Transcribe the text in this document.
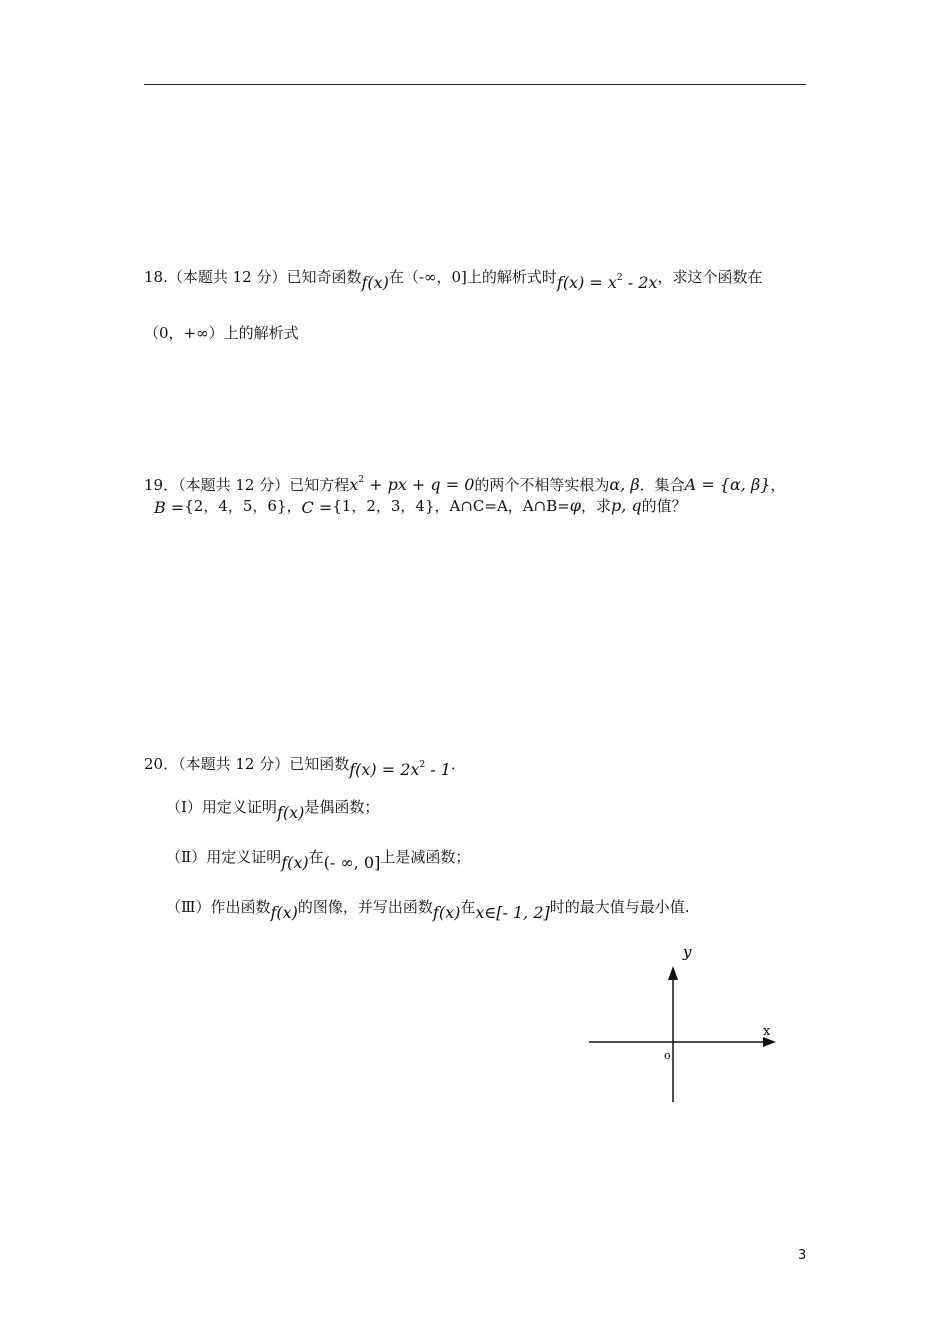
18.（本题共 12 分）已知奇函数f(x)在（-∞，0]上的解析式时$f(x) = x^2 - 2x$，求这个函数在
（0，+∞）上的解析式
19．（本题共 12 分）已知方程$x^2$ + px + q = 0的两个不相等实根为α, β．集合A = {α, β}，
B ={2，4，5，6}，C ={1，2，3，4}，A∩C=A，A∩B=φ，求p, q的值？
20．（本题共 12 分）已知函数$f(x) = 2x^2 - 1$．
（Ⅰ）用定义证明f(x)是偶函数；
（Ⅱ）用定义证明f(x)在(- ∞, 0]上是减函数；
（Ⅲ）作出函数f(x)的图像，并写出函数f(x)在x∈[- 1, 2]时的最大值与最小值.
y
x
o
3
